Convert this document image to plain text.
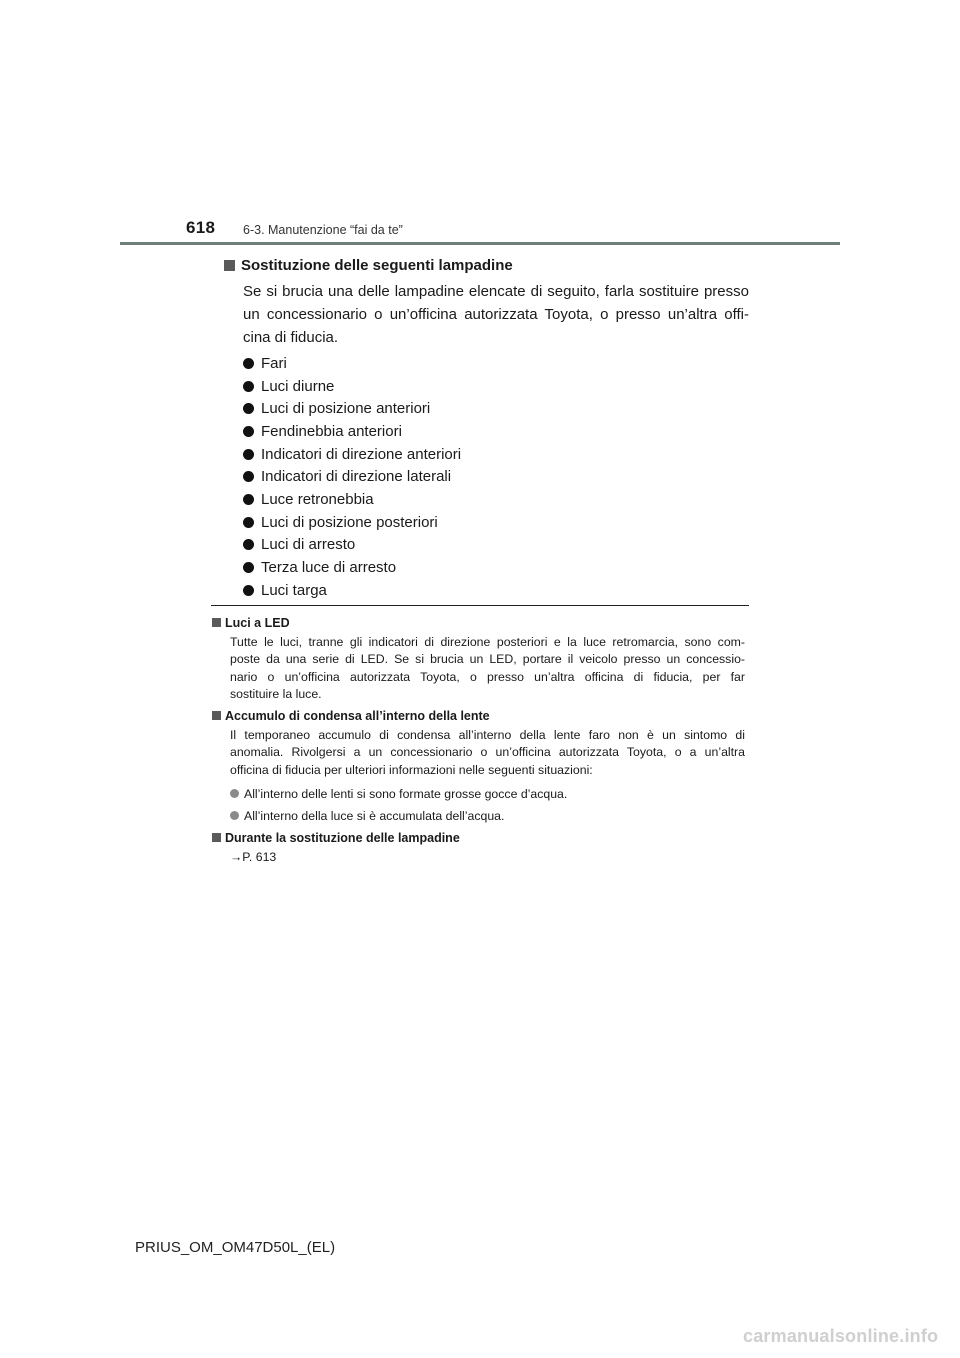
618 6-3. Manutenzione “fai da te”
Sostituzione delle seguenti lampadine
Se si brucia una delle lampadine elencate di seguito, farla sostituire presso
un concessionario o un’officina autorizzata Toyota, o presso un’altra offi-
cina di fiducia.
Fari
Luci diurne
Luci di posizione anteriori
Fendinebbia anteriori
Indicatori di direzione anteriori
Indicatori di direzione laterali
Luce retronebbia
Luci di posizione posteriori
Luci di arresto
Terza luce di arresto
Luci targa
Luci a LED
Tutte le luci, tranne gli indicatori di direzione posteriori e la luce retromarcia, sono com-
poste da una serie di LED. Se si brucia un LED, portare il veicolo presso un concessio-
nario o un’officina autorizzata Toyota, o presso un’altra officina di fiducia, per far
sostituire la luce.
Accumulo di condensa all’interno della lente
Il temporaneo accumulo di condensa all’interno della lente faro non è un sintomo di
anomalia. Rivolgersi a un concessionario o un’officina autorizzata Toyota, o a un’altra
officina di fiducia per ulteriori informazioni nelle seguenti situazioni:
All’interno delle lenti si sono formate grosse gocce d’acqua.
All’interno della luce si è accumulata dell’acqua.
Durante la sostituzione delle lampadine
→P. 613
PRIUS_OM_OM47D50L_(EL)
carmanualsonline.info
